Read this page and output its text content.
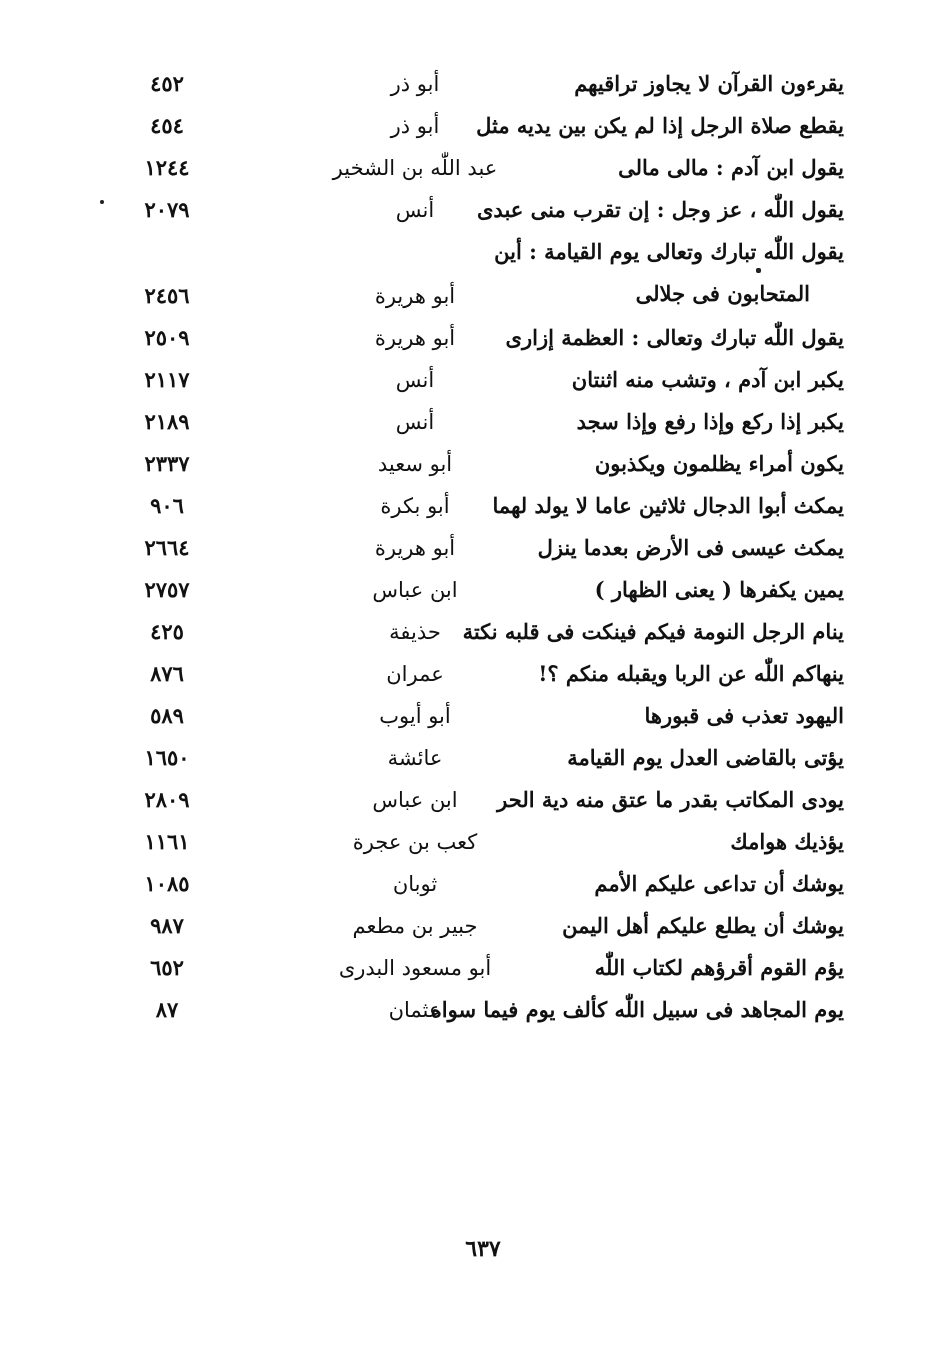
يقرءون القرآن لا يجاوز تراقيهم
أبو ذر
٤٥٢
يقطع صلاة الرجل إذا لم يكن بين يديه مثل
أبو ذر
٤٥٤
يقول ابن آدم : مالى مالى
عبد اللّٰه بن الشخير
١٢٤٤
يقول اللّٰه ، عز وجل : إن تقرب منى عبدى
أنس
٢٠٧٩
يقول اللّٰه تبارك وتعالى يوم القيامة : أين
المتحابون فى جلالى
أبو هريرة
٢٤٥٦
يقول اللّٰه تبارك وتعالى : العظمة إزارى
أبو هريرة
٢٥٠٩
يكبر ابن آدم ، وتشب منه اثنتان
أنس
٢١١٧
يكبر إذا ركع وإذا رفع وإذا سجد
أنس
٢١٨٩
يكون أمراء يظلمون ويكذبون
أبو سعيد
٢٣٣٧
يمكث أبوا الدجال ثلاثين عاما لا يولد لهما
أبو بكرة
٩٠٦
يمكث عيسى فى الأرض بعدما ينزل
أبو هريرة
٢٦٦٤
يمين يكفرها ( يعنى الظهار )
ابن عباس
٢٧٥٧
ينام الرجل النومة فيكم فينكت فى قلبه نكتة
حذيفة
٤٢٥
ينهاكم اللّٰه عن الربا ويقبله منكم ؟!
عمران
٨٧٦
اليهود تعذب فى قبورها
أبو أيوب
٥٨٩
يؤتى بالقاضى العدل يوم القيامة
عائشة
١٦٥٠
يودى المكاتب بقدر ما عتق منه دية الحر
ابن عباس
٢٨٠٩
يؤذيك هوامك
كعب بن عجرة
١١٦١
يوشك أن تداعى عليكم الأمم
ثوبان
١٠٨٥
يوشك أن يطلع عليكم أهل اليمن
جبير بن مطعم
٩٨٧
يؤم القوم أقرؤهم لكتاب اللّٰه
أبو مسعود البدرى
٦٥٢
يوم المجاهد فى سبيل اللّٰه كألف يوم فيما سواه
عثمان
٨٧
٦٣٧
